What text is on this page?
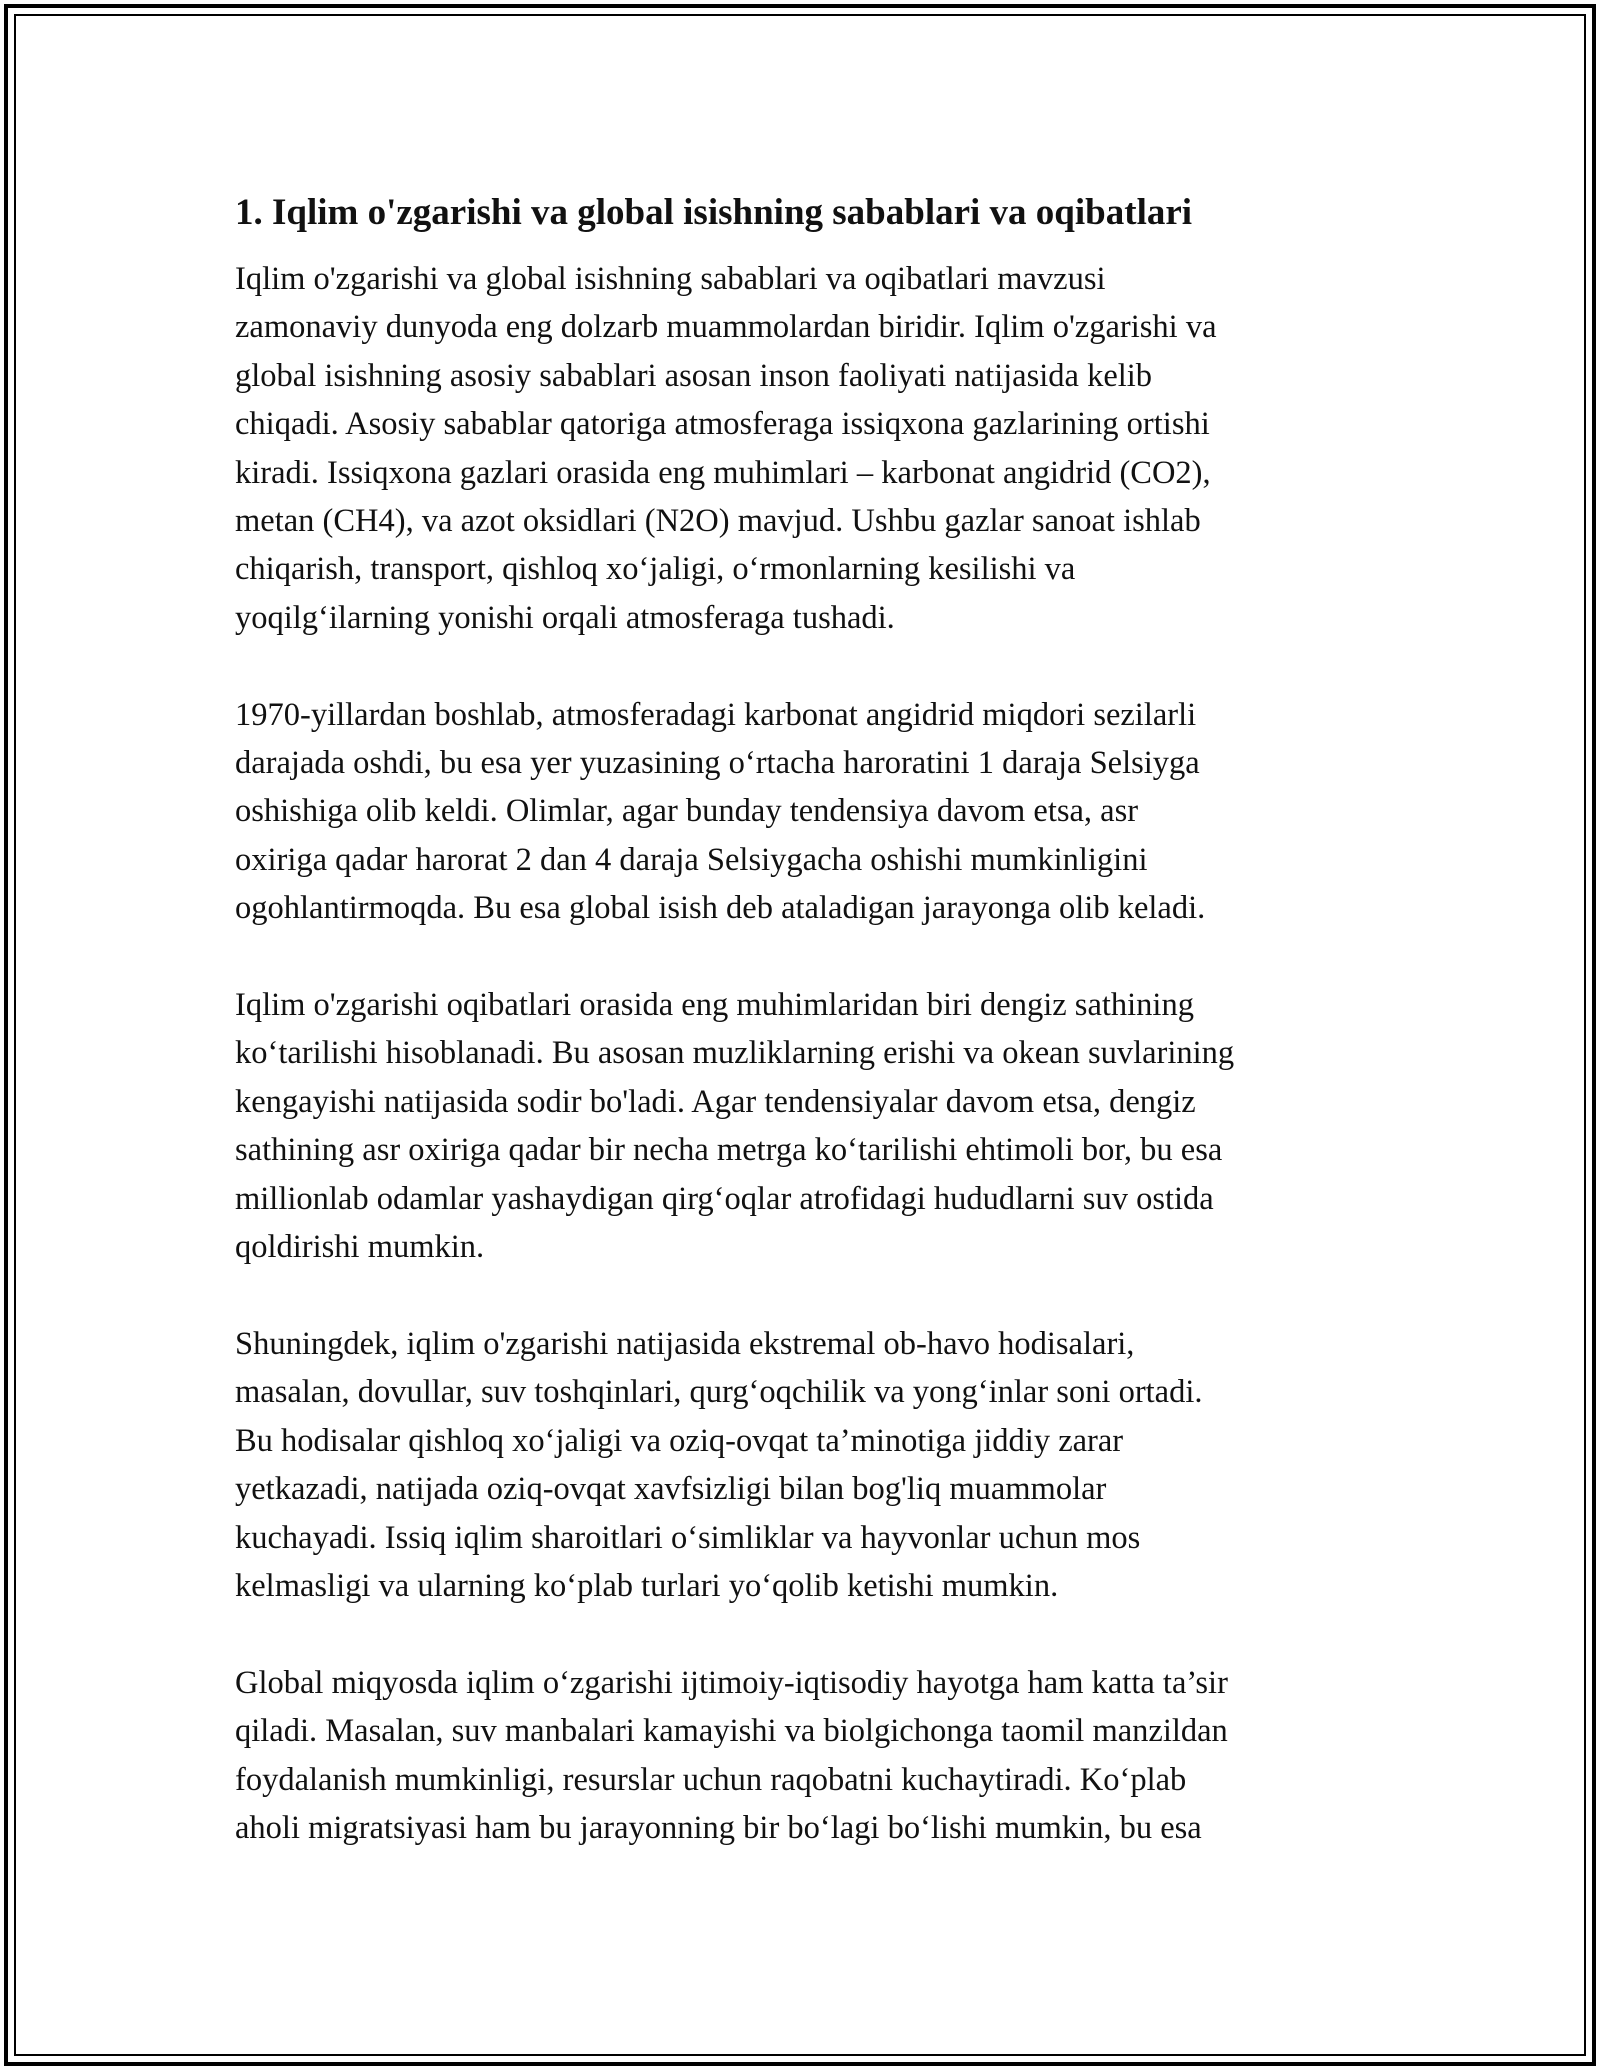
1. Iqlim o'zgarishi va global isishning sabablari va oqibatlari
Iqlim o'zgarishi va global isishning sabablari va oqibatlari mavzusi
zamonaviy dunyoda eng dolzarb muammolardan biridir. Iqlim o'zgarishi va
global isishning asosiy sabablari asosan inson faoliyati natijasida kelib
chiqadi. Asosiy sabablar qatoriga atmosferaga issiqxona gazlarining ortishi
kiradi. Issiqxona gazlari orasida eng muhimlari – karbonat angidrid (CO2),
metan (CH4), va azot oksidlari (N2O) mavjud. Ushbu gazlar sanoat ishlab
chiqarish, transport, qishloq xo‘jaligi, o‘rmonlarning kesilishi va
yoqilg‘ilarning yonishi orqali atmosferaga tushadi.
1970-yillardan boshlab, atmosferadagi karbonat angidrid miqdori sezilarli
darajada oshdi, bu esa yer yuzasining o‘rtacha haroratini 1 daraja Selsiyga
oshishiga olib keldi. Olimlar, agar bunday tendensiya davom etsa, asr
oxiriga qadar harorat 2 dan 4 daraja Selsiygacha oshishi mumkinligini
ogohlantirmoqda. Bu esa global isish deb ataladigan jarayonga olib keladi.
Iqlim o'zgarishi oqibatlari orasida eng muhimlaridan biri dengiz sathining
ko‘tarilishi hisoblanadi. Bu asosan muzliklarning erishi va okean suvlarining
kengayishi natijasida sodir bo'ladi. Agar tendensiyalar davom etsa, dengiz
sathining asr oxiriga qadar bir necha metrga ko‘tarilishi ehtimoli bor, bu esa
millionlab odamlar yashaydigan qirg‘oqlar atrofidagi hududlarni suv ostida
qoldirishi mumkin.
Shuningdek, iqlim o'zgarishi natijasida ekstremal ob-havo hodisalari,
masalan, dovullar, suv toshqinlari, qurg‘oqchilik va yong‘inlar soni ortadi.
Bu hodisalar qishloq xo‘jaligi va oziq-ovqat ta’minotiga jiddiy zarar
yetkazadi, natijada oziq-ovqat xavfsizligi bilan bog'liq muammolar
kuchayadi. Issiq iqlim sharoitlari o‘simliklar va hayvonlar uchun mos
kelmasligi va ularning ko‘plab turlari yo‘qolib ketishi mumkin.
Global miqyosda iqlim o‘zgarishi ijtimoiy-iqtisodiy hayotga ham katta ta’sir
qiladi. Masalan, suv manbalari kamayishi va biolgichonga taomil manzildan
foydalanish mumkinligi, resurslar uchun raqobatni kuchaytiradi. Ko‘plab
aholi migratsiyasi ham bu jarayonning bir bo‘lagi bo‘lishi mumkin, bu esa
